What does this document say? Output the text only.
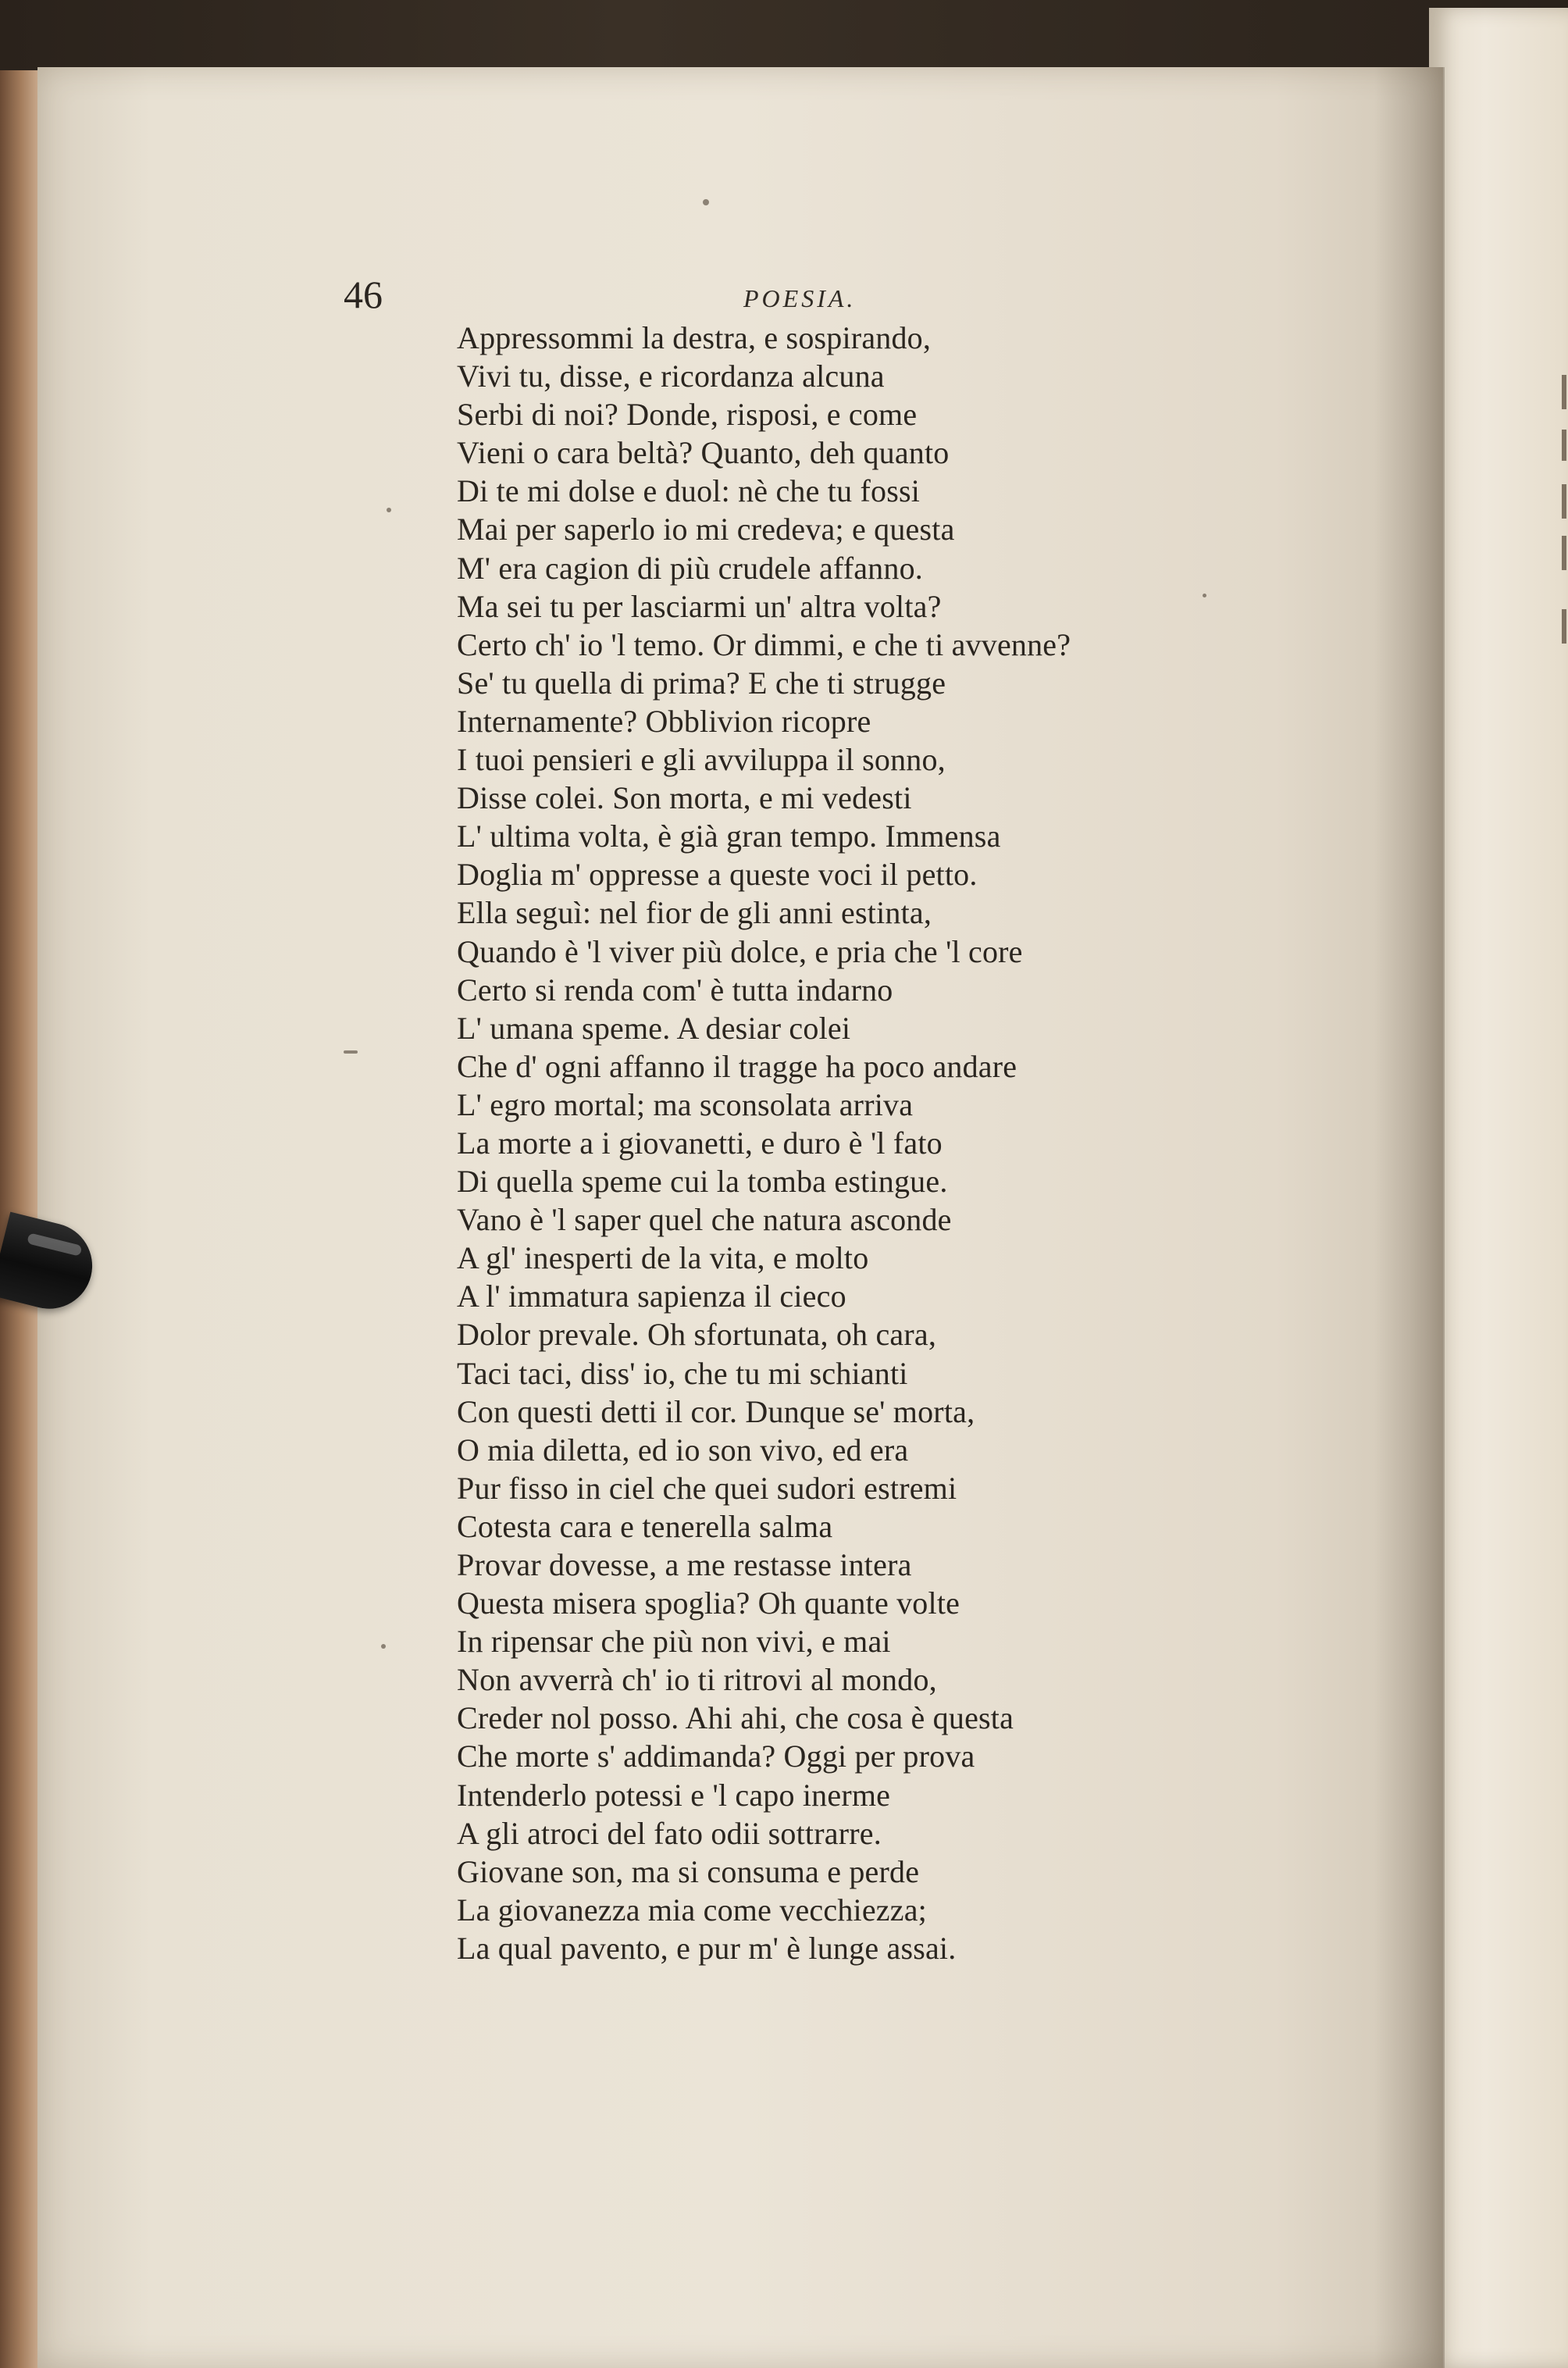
46	POESIA.
Appressommi la destra, e sospirando,
Vivi tu, disse, e ricordanza alcuna
Serbi di noi? Donde, risposi, e come
Vieni o cara beltà? Quanto, deh quanto
Di te mi dolse e duol: nè che tu fossi
Mai per saperlo io mi credeva; e questa
M' era cagion di più crudele affanno.
Ma sei tu per lasciarmi un' altra volta?
Certo ch' io 'l temo. Or dimmi, e che ti avvenne?
Se' tu quella di prima? E che ti strugge
Internamente? Obblivion ricopre
I tuoi pensieri e gli avviluppa il sonno,
Disse colei. Son morta, e mi vedesti
L' ultima volta, è già gran tempo. Immensa
Doglia m' oppresse a queste voci il petto.
Ella seguì: nel fior de gli anni estinta,
Quando è 'l viver più dolce, e pria che 'l core
Certo si renda com' è tutta indarno
L' umana speme. A desiar colei
Che d' ogni affanno il tragge ha poco andare
L' egro mortal; ma sconsolata arriva
La morte a i giovanetti, e duro è 'l fato
Di quella speme cui la tomba estingue.
Vano è 'l saper quel che natura asconde
A gl' inesperti de la vita, e molto
A l' immatura sapienza il cieco
Dolor prevale. Oh sfortunata, oh cara,
Taci taci, diss' io, che tu mi schianti
Con questi detti il cor. Dunque se' morta,
O mia diletta, ed io son vivo, ed era
Pur fisso in ciel che quei sudori estremi
Cotesta cara e tenerella salma
Provar dovesse, a me restasse intera
Questa misera spoglia? Oh quante volte
In ripensar che più non vivi, e mai
Non avverrà ch' io ti ritrovi al mondo,
Creder nol posso. Ahi ahi, che cosa è questa
Che morte s' addimanda? Oggi per prova
Intenderlo potessi e 'l capo inerme
A gli atroci del fato odii sottrarre.
Giovane son, ma si consuma e perde
La giovanezza mia come vecchiezza;
La qual pavento, e pur m' è lunge assai.
